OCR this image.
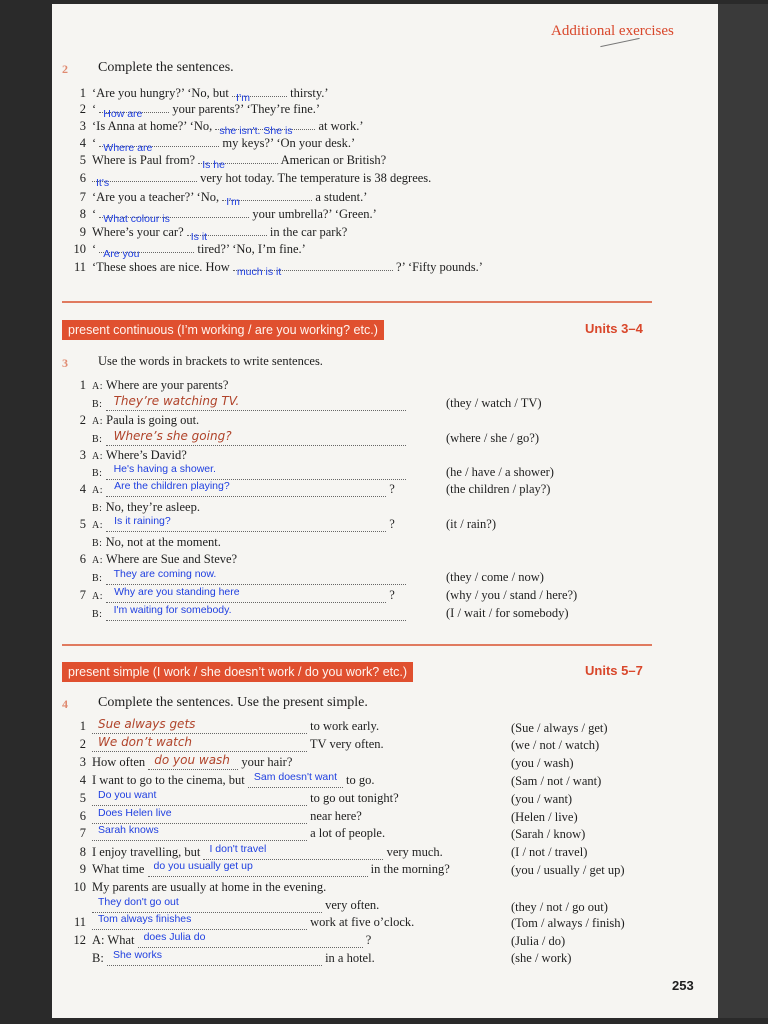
Additional exercises
2 Complete the sentences.
1 ‘Are you hungry?’ ‘No, but I’m	thirsty.’
2 ‘ How are your parents?’ ‘They’re fine.’
3 ‘Is Anna at home?’ ‘No, she isn't. She is at work.’
4 ‘ Where are	my keys?’ ‘On your desk.’
5 Where is Paul from? Is he	American or British?
6 It's	very hot today. The temperature is 38 degrees.
7 ‘Are you a teacher?’ ‘No, I'm	a student.’
8 ‘ What colour is	your umbrella?’ ‘Green.’
9 Where’s your car? Is it	in the car park?
10 ‘ Are you	tired?’ ‘No, I’m fine.’
11 ‘These shoes are nice. How much is it	?’ ‘Fifty pounds.’
present continuous (I’m working / are you working? etc.)	Units 3–4
3 Use the words in brackets to write sentences.
1 A: Where are your parents?
B: They’re watching TV.	(they / watch / TV)
2 A: Paula is going out.
B: Where’s she going?	(where / she / go?)
3 A: Where’s David?
B: He's having a shower.	(he / have / a shower)
4 A: Are the children playing?	?	(the children / play?)
B: No, they’re asleep.
5 A: Is it raining?	?	(it / rain?)
B: No, not at the moment.
6 A: Where are Sue and Steve?
B: They are coming now.	(they / come / now)
7 A: Why are you standing here	?	(why / you / stand / here?)
B: I'm waiting for somebody.	(I / wait / for somebody)
present simple (I work / she doesn’t work / do you work? etc.)	Units 5–7
4 Complete the sentences. Use the present simple.
1 Sue always gets	to work early.	(Sue / always / get)
2 We don’t watch	TV very often.	(we / not / watch)
3 How often do you wash your hair?	(you / wash)
4 I want to go to the cinema, but Sam doesn't want to go.	(Sam / not / want)
5 Do you want	to go out tonight?	(you / want)
6 Does Helen live	near here?	(Helen / live)
7 Sarah knows	a lot of people.	(Sarah / know)
8 I enjoy travelling, but I don't travel	very much.	(I / not / travel)
9 What time do you usually get up	in the morning?	(you / usually / get up)
10 My parents are usually at home in the evening.
They don't go out	very often.	(they / not / go out)
11 Tom always finishes	work at five o’clock.	(Tom / always / finish)
12 A: What does Julia do	?	(Julia / do)
B: She works	in a hotel.	(she / work)
253
